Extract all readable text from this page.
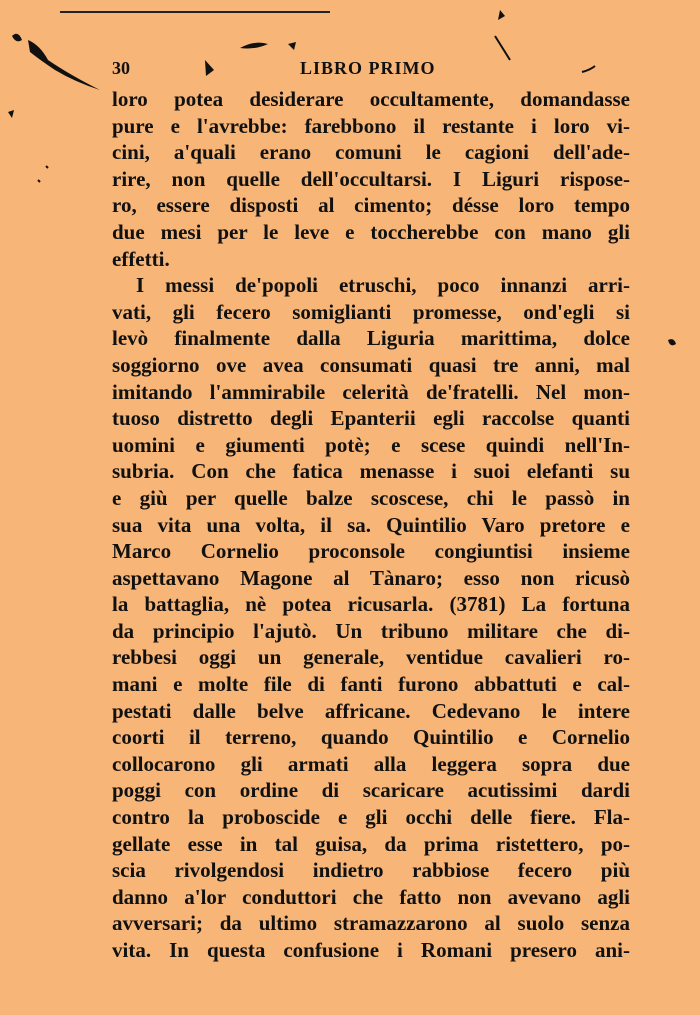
30	LIBRO PRIMO
loro potea desiderare occultamente, domandasse
pure e l'avrebbe: farebbono il restante i loro vi-
cini, a'quali erano comuni le cagioni dell'ade-
rire, non quelle dell'occultarsi. I Liguri rispose-
ro, essere disposti al cimento; désse loro tempo
due mesi per le leve e toccherebbe con mano gli
effetti.
I messi de'popoli etruschi, poco innanzi arri-
vati, gli fecero somiglianti promesse, ond'egli si
levò finalmente dalla Liguria marittima, dolce
soggiorno ove avea consumati quasi tre anni, mal
imitando l'ammirabile celerità de'fratelli. Nel mon-
tuoso distretto degli Epanterii egli raccolse quanti
uomini e giumenti potè; e scese quindi nell'In-
subria. Con che fatica menasse i suoi elefanti su
e giù per quelle balze scoscese, chi le passò in
sua vita una volta, il sa. Quintilio Varo pretore e
Marco Cornelio proconsole congiuntisi insieme
aspettavano Magone al Tànaro; esso non ricusò
la battaglia, nè potea ricusarla. (3781) La fortuna
da principio l'ajutò. Un tribuno militare che di-
rebbesi oggi un generale, ventidue cavalieri ro-
mani e molte file di fanti furono abbattuti e cal-
pestati dalle belve affricane. Cedevano le intere
coorti il terreno, quando Quintilio e Cornelio
collocarono gli armati alla leggera sopra due
poggi con ordine di scaricare acutissimi dardi
contro la proboscide e gli occhi delle fiere. Fla-
gellate esse in tal guisa, da prima ristettero, po-
scia rivolgendosi indietro rabbiose fecero più
danno a'lor conduttori che fatto non avevano agli
avversari; da ultimo stramazzarono al suolo senza
vita. In questa confusione i Romani presero ani-
